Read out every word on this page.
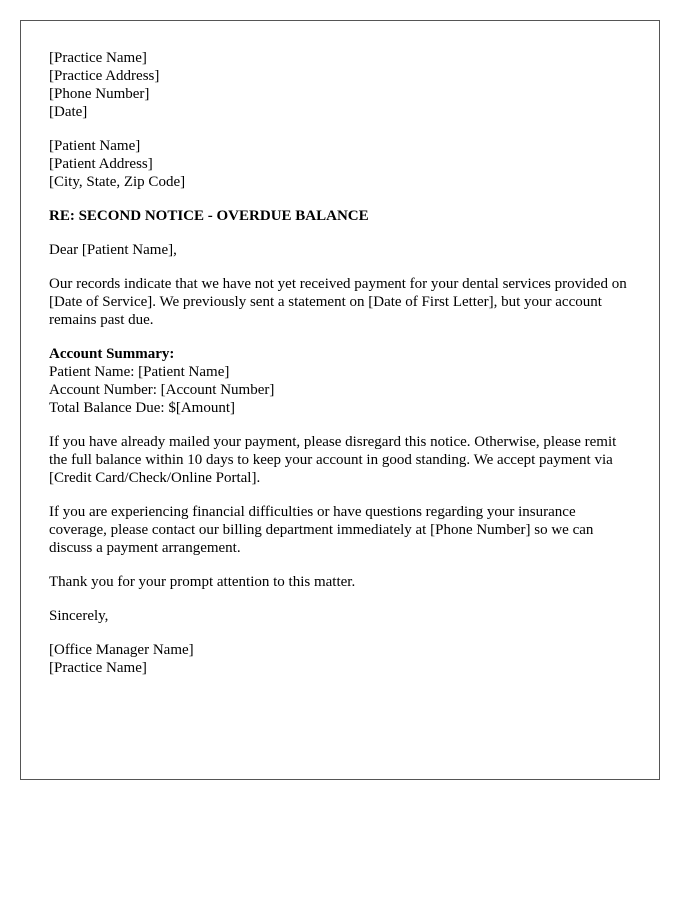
[Practice Name]
[Practice Address]
[Phone Number]
[Date]
[Patient Name]
[Patient Address]
[City, State, Zip Code]

RE: SECOND NOTICE - OVERDUE BALANCE

Dear [Patient Name],

Our records indicate that we have not yet received payment for your dental services provided on [Date of Service]. We previously sent a statement on [Date of First Letter], but your account remains past due.

Account Summary:
Patient Name: [Patient Name]
Account Number: [Account Number]
Total Balance Due: $[Amount]

If you have already mailed your payment, please disregard this notice. Otherwise, please remit the full balance within 10 days to keep your account in good standing. We accept payment via [Credit Card/Check/Online Portal].

If you are experiencing financial difficulties or have questions regarding your insurance coverage, please contact our billing department immediately at [Phone Number] so we can discuss a payment arrangement.

Thank you for your prompt attention to this matter.

Sincerely,

[Office Manager Name]
[Practice Name]
